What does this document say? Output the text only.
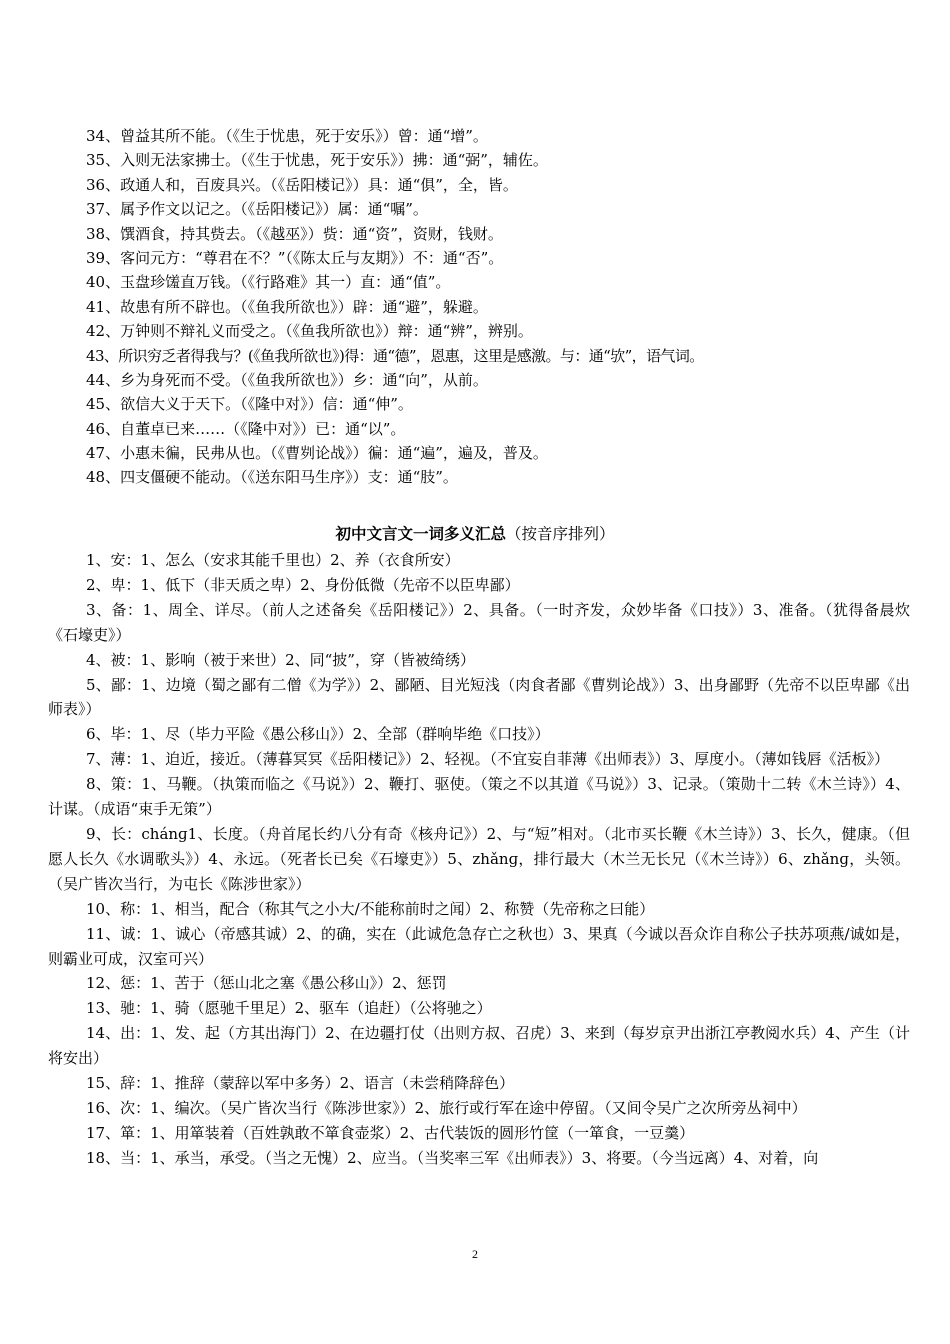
34、曾益其所不能。（《生于忧患，死于安乐》）曾：通“增”。
35、入则无法家拂士。（《生于忧患，死于安乐》）拂：通“弼”，辅佐。
36、政通人和，百废具兴。（《岳阳楼记》）具：通“俱”，全，皆。
37、属予作文以记之。（《岳阳楼记》）属：通“嘱”。
38、馔酒食，持其赀去。（《越巫》）赀：通“资”，资财，钱财。
39、客问元方：“尊君在不？”（《陈太丘与友期》）不：通“否”。
40、玉盘珍馐直万钱。（《行路难》其一）直：通“值”。
41、故患有所不辟也。（《鱼我所欲也》）辟：通“避”，躲避。
42、万钟则不辩礼义而受之。（《鱼我所欲也》）辩：通“辨”，辨别。
43、所识穷乏者得我与？(《鱼我所欲也》)得：通“德”，恩惠，这里是感激。与：通“欤”，语气词。
44、乡为身死而不受。（《鱼我所欲也》）乡：通“向”，从前。
45、欲信大义于天下。（《隆中对》）信：通“伸”。
46、自董卓已来……（《隆中对》）已：通“以”。
47、小惠未徧，民弗从也。（《曹刿论战》）徧：通“遍”，遍及，普及。
48、四支僵硬不能动。（《送东阳马生序》）支：通“肢”。
初中文言文一词多义汇总（按音序排列）

1、安：1、怎么（安求其能千里也）2、养（衣食所安）

2、卑：1、低下（非天质之卑）2、身份低微（先帝不以臣卑鄙）

3、备：1、周全、详尽。（前人之述备矣《岳阳楼记》）2、具备。（一时齐发，众妙毕备《口技》）3、准备。（犹得备晨炊《石壕吏》）

4、被：1、影响（被于来世）2、同“披”，穿（皆被绮绣）

5、鄙：1、边境（蜀之鄙有二僧《为学》）2、鄙陋、目光短浅（肉食者鄙《曹刿论战》）3、出身鄙野（先帝不以臣卑鄙《出师表》）

6、毕：1、尽（毕力平险《愚公移山》）2、全部（群响毕绝《口技》）

7、薄：1、迫近，接近。（薄暮冥冥《岳阳楼记》）2、轻视。（不宜妄自菲薄《出师表》）3、厚度小。（薄如钱唇《活板》）

8、策：1、马鞭。（执策而临之《马说》）2、鞭打、驱使。（策之不以其道《马说》）3、记录。（策勋十二转《木兰诗》）4、计谋。（成语“束手无策”）

9、长：chánɡ1、长度。（舟首尾长约八分有奇《核舟记》）2、与“短”相对。（北市买长鞭《木兰诗》）3、长久，健康。（但愿人长久《水调歌头》）4、永远。（死者长已矣《石壕吏》）5、zhǎnɡ，排行最大（木兰无长兄（《木兰诗》）6、zhǎnɡ，头领。（吴广皆次当行，为屯长《陈涉世家》）

10、称：1、相当，配合（称其气之小大/不能称前时之闻）2、称赞（先帝称之曰能）

11、诚：1、诚心（帝感其诚）2、的确，实在（此诚危急存亡之秋也）3、果真（今诚以吾众诈自称公子扶苏项燕/诚如是，则霸业可成，汉室可兴）

12、惩：1、苦于（惩山北之塞《愚公移山》）2、惩罚

13、驰：1、骑（愿驰千里足）2、驱车（追赶）（公将驰之）

14、出：1、发、起（方其出海门）2、在边疆打仗（出则方叔、召虎）3、来到（每岁京尹出浙江亭教阅水兵）4、产生（计将安出）

15、辞：1、推辞（蒙辞以军中多务）2、语言（未尝稍降辞色）

16、次：1、编次。（吴广皆次当行《陈涉世家》）2、旅行或行军在途中停留。（又间令吴广之次所旁丛祠中）

17、箪：1、用箪装着（百姓孰敢不箪食壶浆）2、古代装饭的圆形竹筐（一箪食，一豆羹）

18、当：1、承当，承受。（当之无愧）2、应当。（当奖率三军《出师表》）3、将要。（今当远离）4、对着，向

2
